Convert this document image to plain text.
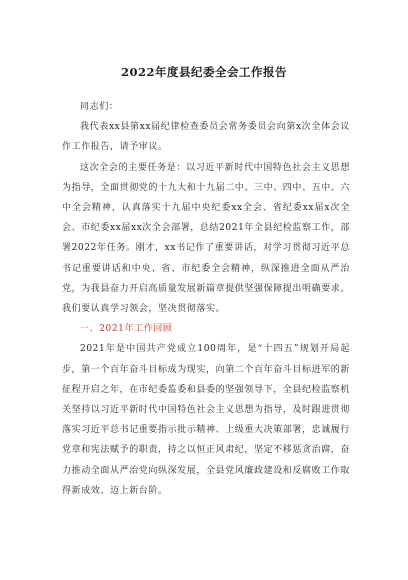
2022年度县纪委全会工作报告

同志们：

我代表xx县第xx届纪律检查委员会常务委员会向第x次全体会议作工作报告，请予审议。

这次全会的主要任务是：以习近平新时代中国特色社会主义思想为指导，全面贯彻党的十九大和十九届二中、三中、四中、五中、六中全会精神，认真落实十九届中央纪委xx全会、省纪委xx届x次全会、市纪委xx届xx次全会部署，总结2021年全县纪检监察工作，部署2022年任务。刚才，xx书记作了重要讲话，对学习贯彻习近平总书记重要讲话和中央、省、市纪委全会精神，纵深推进全面从严治党，为我县奋力开启高质量发展新篇章提供坚强保障提出明确要求。我们要认真学习领会，坚决贯彻落实。

一、2021年工作回顾

2021年是中国共产党成立100周年，是“十四五”规划开局起步，第一个百年奋斗目标成为现实，向第二个百年奋斗目标进军的新征程开启之年，在市纪委监委和县委的坚强领导下，全县纪检监察机关坚持以习近平新时代中国特色社会主义思想为指导，及时跟进贯彻落实习近平总书记重要指示批示精神、上级重大决策部署，忠诚履行党章和宪法赋予的职责，持之以恒正风肃纪，坚定不移惩贪治腐，奋力推动全面从严治党向纵深发展，全县党风廉政建设和反腐败工作取得新成效、迈上新台阶。
